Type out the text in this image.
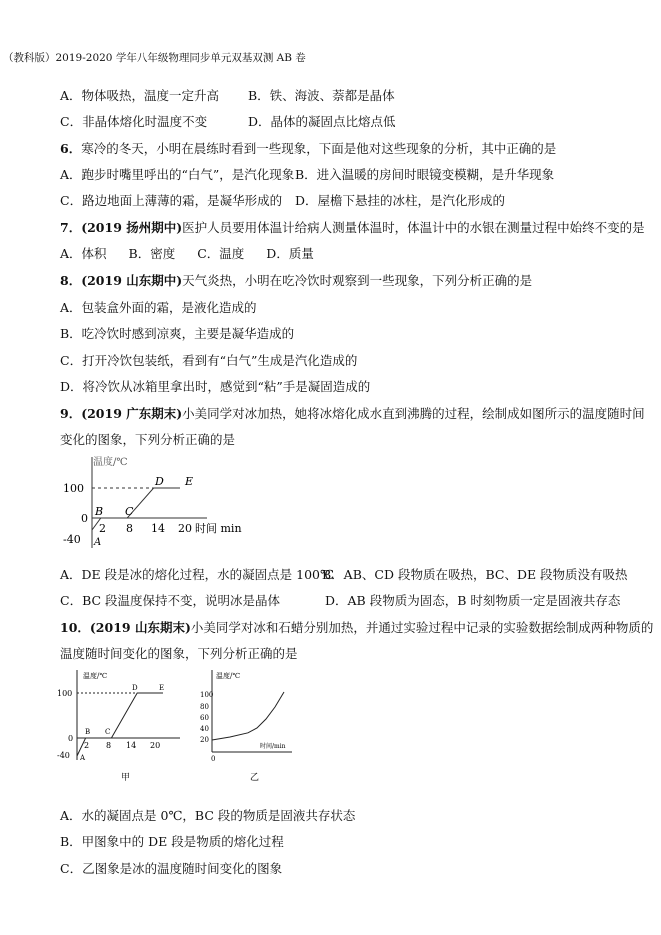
（教科版）2019-2020 学年八年级物理同步单元双基双测 AB 卷
A．物体吸热，温度一定升高 B．铁、海波、萘都是晶体
C．非晶体熔化时温度不变	D．晶体的凝固点比熔点低
6．寒冷的冬天，小明在晨练时看到一些现象，下面是他对这些现象的分析，其中正确的是
A．跑步时嘴里呼出的“白气”，是汽化现象 B．进入温暖的房间时眼镜变模糊，是升华现象
C．路边地面上薄薄的霜，是凝华形成的 D．屋檐下悬挂的冰柱，是汽化形成的
7．(2019 扬州期中)医护人员要用体温计给病人测量体温时，体温计中的水银在测量过程中始终不变的是
A．体积 B．密度 C．温度 D．质量
8．(2019 山东期中)天气炎热，小明在吃冷饮时观察到一些现象，下列分析正确的是
A．包装盒外面的霜，是液化造成的
B．吃冷饮时感到凉爽，主要是凝华造成的
C．打开冷饮包装纸，看到有“白气”生成是汽化造成的
D．将冷饮从冰箱里拿出时，感觉到“粘”手是凝固造成的
9．(2019 广东期末)小美同学对冰加热，她将冰熔化成水直到沸腾的过程，绘制成如图所示的温度随时间
变化的图象，下列分析正确的是
温度/℃
100
0
-40
2 8 14 20 时间 min
A
B C
D E
A．DE 段是冰的熔化过程，水的凝固点是 100℃
B．AB、CD 段物质在吸热，BC、DE 段物质没有吸热
C．BC 段温度保持不变，说明冰是晶体	D．AB 段物质为固态，B 时刻物质一定是固液共存态
10．(2019 山东期末)小美同学对冰和石蜡分别加热，并通过实验过程中记录的实验数据绘制成两种物质的
温度随时间变化的图象，下列分析正确的是
温度/℃
100
0
-40
2 8 14 20
A
B C
D	E
甲
温度/℃
100
80
60
40
20
时间/min
0
乙
A．水的凝固点是 0℃，BC 段的物质是固液共存状态
B．甲图象中的 DE 段是物质的熔化过程
C．乙图象是冰的温度随时间变化的图象
